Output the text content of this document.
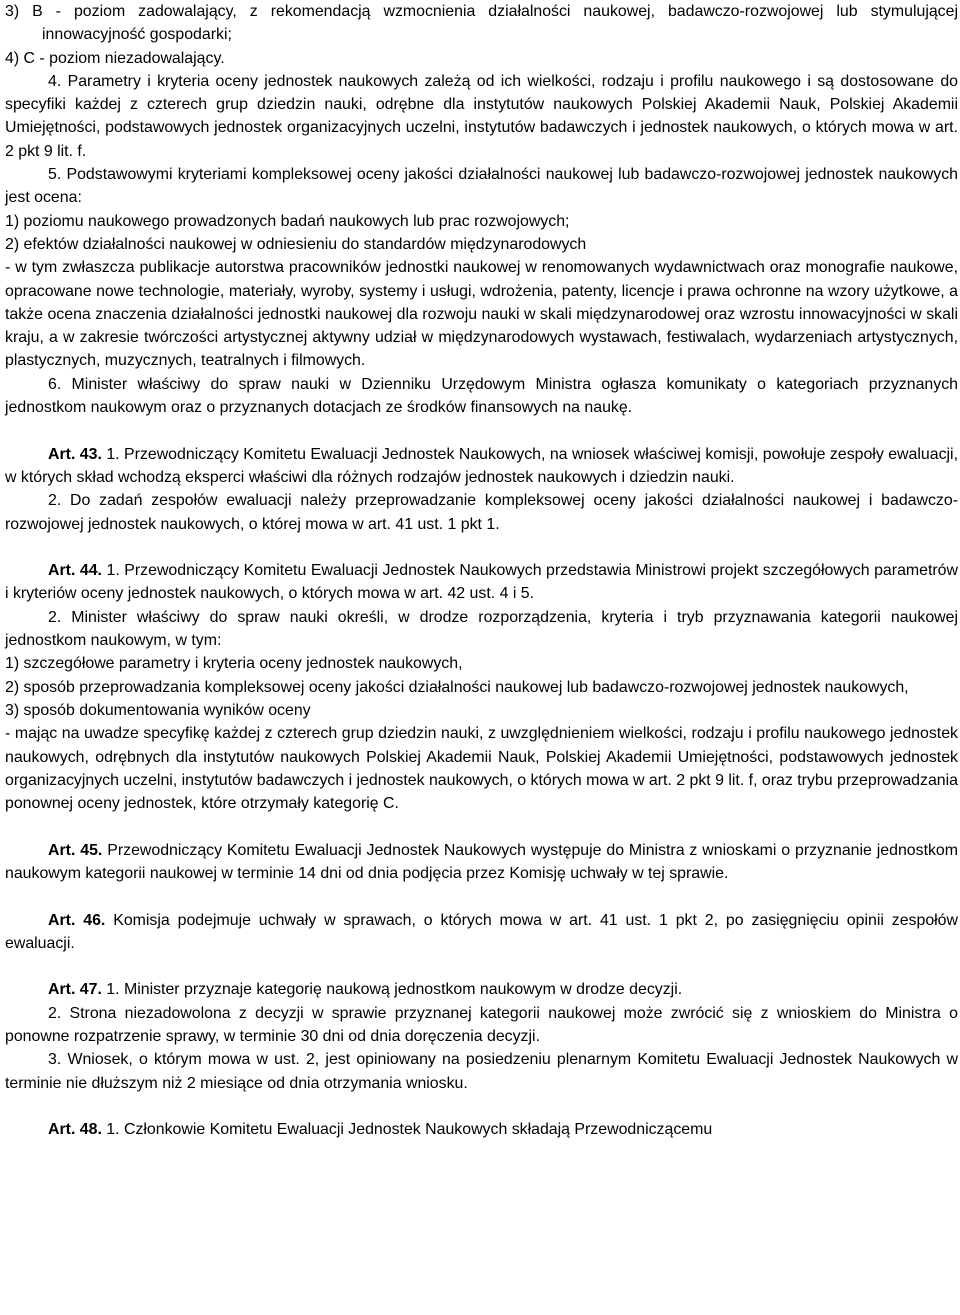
3) B - poziom zadowalający, z rekomendacją wzmocnienia działalności naukowej, badawczo-rozwojowej lub stymulującej innowacyjność gospodarki;

4) C - poziom niezadowalający.

4. Parametry i kryteria oceny jednostek naukowych zależą od ich wielkości, rodzaju i profilu naukowego i są dostosowane do specyfiki każdej z czterech grup dziedzin nauki, odrębne dla instytutów naukowych Polskiej Akademii Nauk, Polskiej Akademii Umiejętności, podstawowych jednostek organizacyjnych uczelni, instytutów badawczych i jednostek naukowych, o których mowa w art. 2 pkt 9 lit. f.

5. Podstawowymi kryteriami kompleksowej oceny jakości działalności naukowej lub badawczo-rozwojowej jednostek naukowych jest ocena:

1) poziomu naukowego prowadzonych badań naukowych lub prac rozwojowych;

2) efektów działalności naukowej w odniesieniu do standardów międzynarodowych

- w tym zwłaszcza publikacje autorstwa pracowników jednostki naukowej w renomowanych wydawnictwach oraz monografie naukowe, opracowane nowe technologie, materiały, wyroby, systemy i usługi, wdrożenia, patenty, licencje i prawa ochronne na wzory użytkowe, a także ocena znaczenia działalności jednostki naukowej dla rozwoju nauki w skali międzynarodowej oraz wzrostu innowacyjności w skali kraju, a w zakresie twórczości artystycznej aktywny udział w międzynarodowych wystawach, festiwalach, wydarzeniach artystycznych, plastycznych, muzycznych, teatralnych i filmowych.

6. Minister właściwy do spraw nauki w Dzienniku Urzędowym Ministra ogłasza komunikaty o kategoriach przyznanych jednostkom naukowym oraz o przyznanych dotacjach ze środków finansowych na naukę.

Art. 43. 1. Przewodniczący Komitetu Ewaluacji Jednostek Naukowych, na wniosek właściwej komisji, powołuje zespoły ewaluacji, w których skład wchodzą eksperci właściwi dla różnych rodzajów jednostek naukowych i dziedzin nauki.

2. Do zadań zespołów ewaluacji należy przeprowadzanie kompleksowej oceny jakości działalności naukowej i badawczo-rozwojowej jednostek naukowych, o której mowa w art. 41 ust. 1 pkt 1.

Art. 44. 1. Przewodniczący Komitetu Ewaluacji Jednostek Naukowych przedstawia Ministrowi projekt szczegółowych parametrów i kryteriów oceny jednostek naukowych, o których mowa w art. 42 ust. 4 i 5.

2. Minister właściwy do spraw nauki określi, w drodze rozporządzenia, kryteria i tryb przyznawania kategorii naukowej jednostkom naukowym, w tym:

1) szczegółowe parametry i kryteria oceny jednostek naukowych,

2) sposób przeprowadzania kompleksowej oceny jakości działalności naukowej lub badawczo-rozwojowej jednostek naukowych,

3) sposób dokumentowania wyników oceny

- mając na uwadze specyfikę każdej z czterech grup dziedzin nauki, z uwzględnieniem wielkości, rodzaju i profilu naukowego jednostek naukowych, odrębnych dla instytutów naukowych Polskiej Akademii Nauk, Polskiej Akademii Umiejętności, podstawowych jednostek organizacyjnych uczelni, instytutów badawczych i jednostek naukowych, o których mowa w art. 2 pkt 9 lit. f, oraz trybu przeprowadzania ponownej oceny jednostek, które otrzymały kategorię C.

Art. 45. Przewodniczący Komitetu Ewaluacji Jednostek Naukowych występuje do Ministra z wnioskami o przyznanie jednostkom naukowym kategorii naukowej w terminie 14 dni od dnia podjęcia przez Komisję uchwały w tej sprawie.

Art. 46. Komisja podejmuje uchwały w sprawach, o których mowa w art. 41 ust. 1 pkt 2, po zasięgnięciu opinii zespołów ewaluacji.

Art. 47. 1. Minister przyznaje kategorię naukową jednostkom naukowym w drodze decyzji.

2. Strona niezadowolona z decyzji w sprawie przyznanej kategorii naukowej może zwrócić się z wnioskiem do Ministra o ponowne rozpatrzenie sprawy, w terminie 30 dni od dnia doręczenia decyzji.

3. Wniosek, o którym mowa w ust. 2, jest opiniowany na posiedzeniu plenarnym Komitetu Ewaluacji Jednostek Naukowych w terminie nie dłuższym niż 2 miesiące od dnia otrzymania wniosku.

Art. 48. 1. Członkowie Komitetu Ewaluacji Jednostek Naukowych składają Przewodniczącemu
